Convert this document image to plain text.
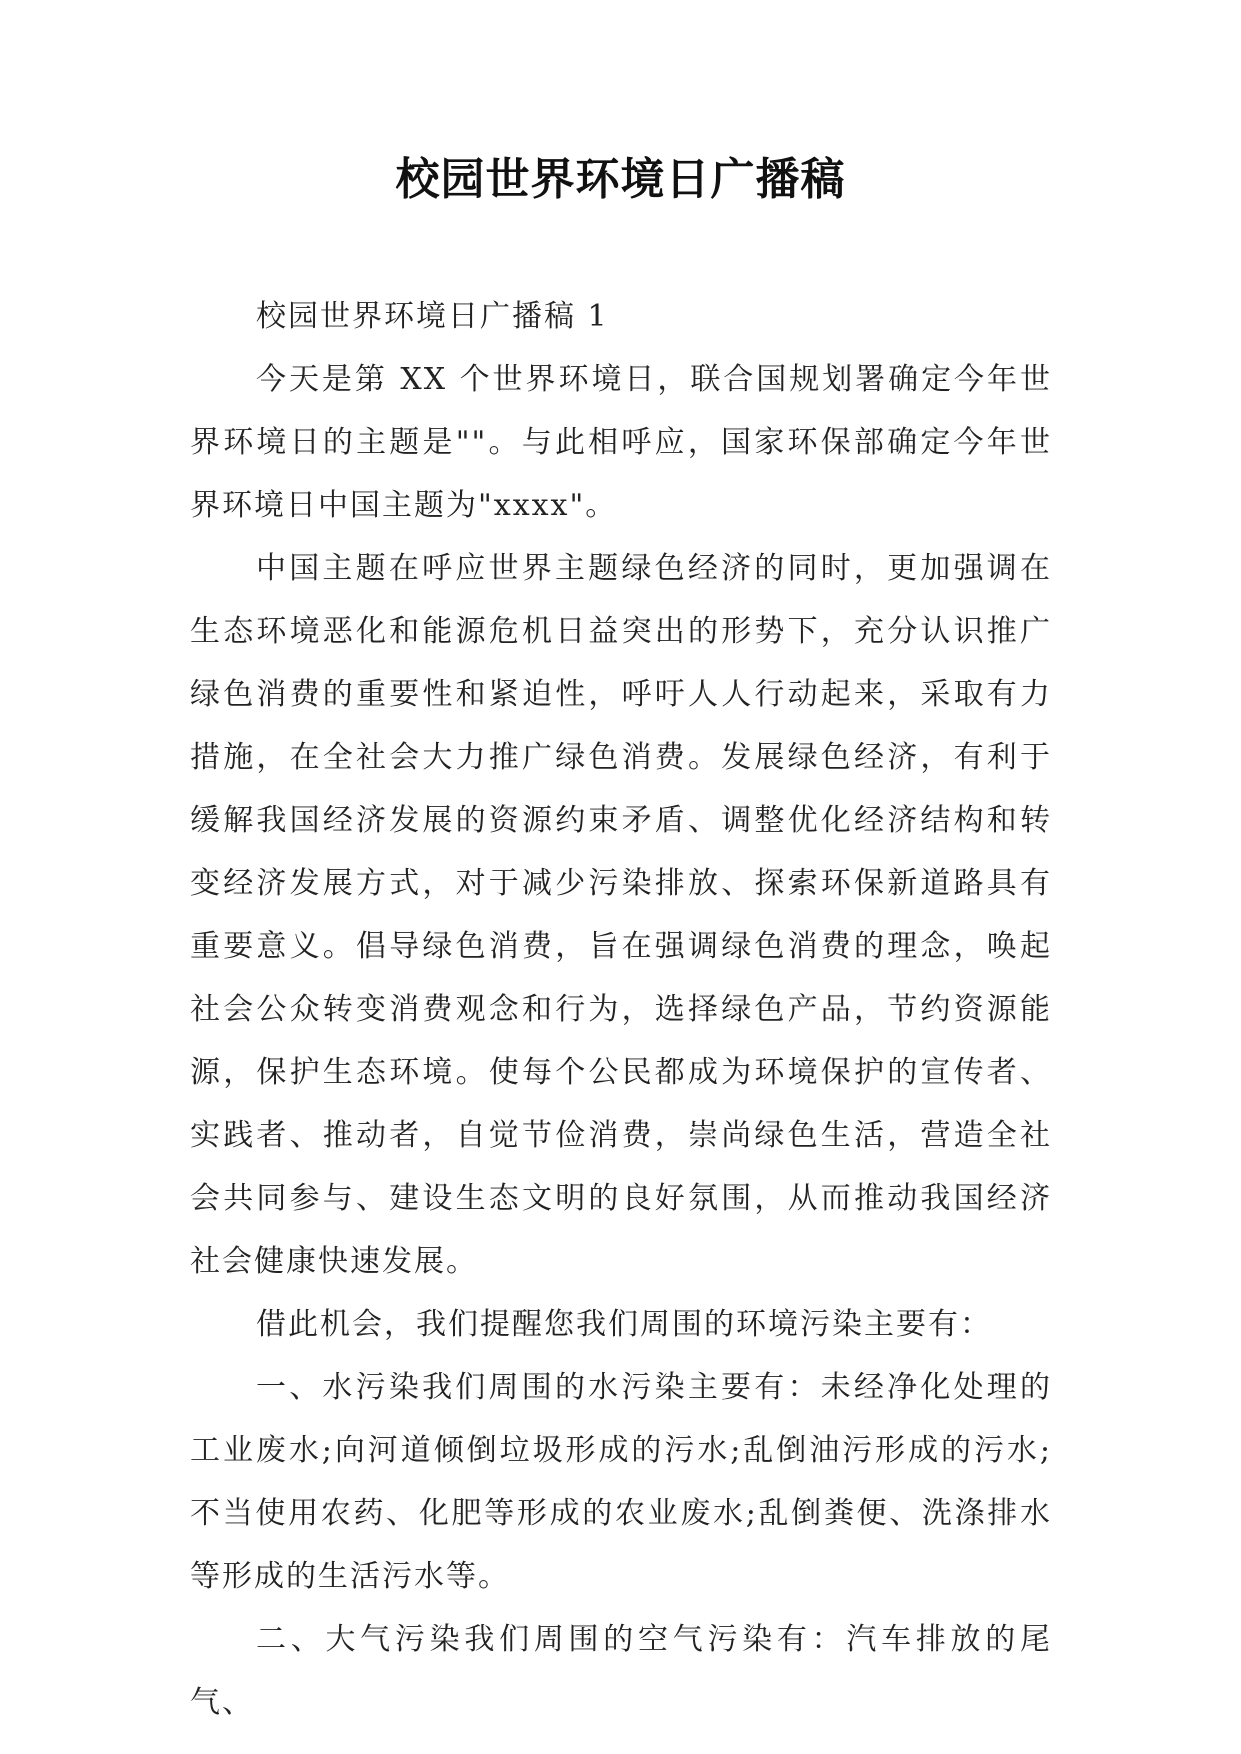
校园世界环境日广播稿

校园世界环境日广播稿 1

今天是第 XX 个世界环境日，联合国规划署确定今年世界环境日的主题是""。与此相呼应，国家环保部确定今年世界环境日中国主题为"xxxx"。

中国主题在呼应世界主题绿色经济的同时，更加强调在生态环境恶化和能源危机日益突出的形势下，充分认识推广绿色消费的重要性和紧迫性，呼吁人人行动起来，采取有力措施，在全社会大力推广绿色消费。发展绿色经济，有利于缓解我国经济发展的资源约束矛盾、调整优化经济结构和转变经济发展方式，对于减少污染排放、探索环保新道路具有重要意义。倡导绿色消费，旨在强调绿色消费的理念，唤起社会公众转变消费观念和行为，选择绿色产品，节约资源能源，保护生态环境。使每个公民都成为环境保护的宣传者、实践者、推动者，自觉节俭消费，崇尚绿色生活，营造全社会共同参与、建设生态文明的良好氛围，从而推动我国经济社会健康快速发展。

借此机会，我们提醒您我们周围的环境污染主要有：

一、水污染我们周围的水污染主要有：未经净化处理的工业废水;向河道倾倒垃圾形成的污水;乱倒油污形成的污水;不当使用农药、化肥等形成的农业废水;乱倒粪便、洗涤排水等形成的生活污水等。

二、大气污染我们周围的空气污染有：汽车排放的尾气、
